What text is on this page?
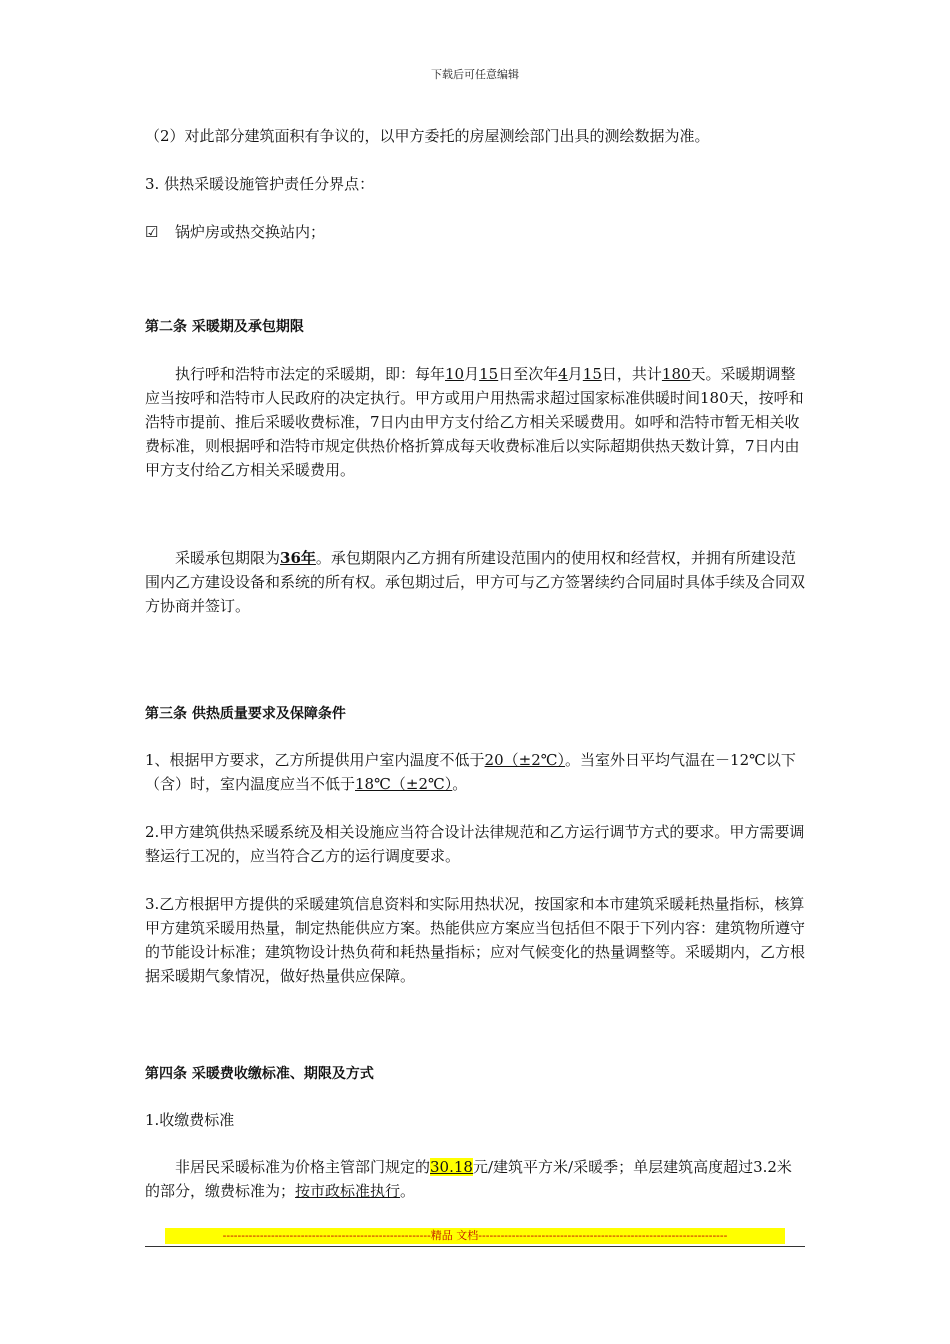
下载后可任意编辑
（2）对此部分建筑面积有争议的，以甲方委托的房屋测绘部门出具的测绘数据为准。
3. 供热采暖设施管护责任分界点：
☑ 锅炉房或热交换站内；
第二条 采暖期及承包期限
执行呼和浩特市法定的采暖期，即：每年10月15日至次年4月15日，共计180天。采暖期调整应当按呼和浩特市人民政府的决定执行。甲方或用户用热需求超过国家标准供暖时间180天，按呼和浩特市提前、推后采暖收费标准，7日内由甲方支付给乙方相关采暖费用。如呼和浩特市暂无相关收费标准，则根据呼和浩特市规定供热价格折算成每天收费标准后以实际超期供热天数计算，7日内由甲方支付给乙方相关采暖费用。
采暖承包期限为36年。承包期限内乙方拥有所建设范围内的使用权和经营权，并拥有所建设范围内乙方建设设备和系统的所有权。承包期过后，甲方可与乙方签署续约合同届时具体手续及合同双方协商并签订。
第三条 供热质量要求及保障条件
1、根据甲方要求，乙方所提供用户室内温度不低于20（±2℃）。当室外日平均气温在－12℃以下（含）时，室内温度应当不低于18℃（±2℃）。
2.甲方建筑供热采暖系统及相关设施应当符合设计法律规范和乙方运行调节方式的要求。甲方需要调整运行工况的，应当符合乙方的运行调度要求。
3.乙方根据甲方提供的采暖建筑信息资料和实际用热状况，按国家和本市建筑采暖耗热量指标，核算甲方建筑采暖用热量，制定热能供应方案。热能供应方案应当包括但不限于下列内容：建筑物所遵守的节能设计标准；建筑物设计热负荷和耗热量指标；应对气候变化的热量调整等。采暖期内，乙方根据采暖期气象情况，做好热量供应保障。
第四条 采暖费收缴标准、期限及方式
1.收缴费标准
非居民采暖标准为价格主管部门规定的30.18元/建筑平方米/采暖季；单层建筑高度超过3.2米的部分，缴费标准为；按市政标准执行。
--------------------------------------------------------精品 文档-------------------------------------------------------------------
